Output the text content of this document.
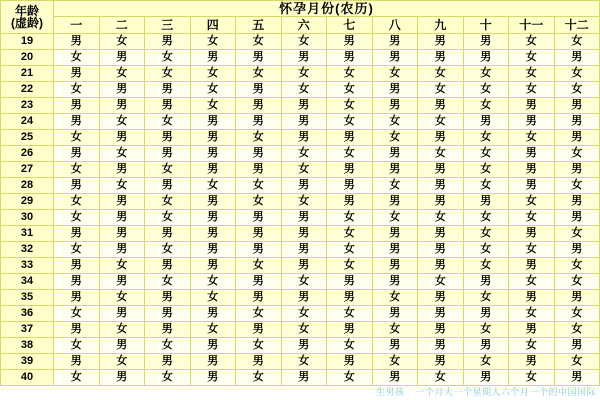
年龄
(虚龄)	怀孕月份(农历)											
	一	二	三	四	五	六	七	八	九	十	十一	十二
19	男	女	男	女	女	女	男	男	男	男	女	女
20	女	男	女	男	男	男	男	男	男	男	女	男
21	男	女	女	女	女	女	女	女	女	女	女	女
22	女	男	男	女	男	女	女	男	女	女	女	女
23	男	男	男	女	男	男	女	男	男	女	男	男
24	男	女	女	男	男	男	女	女	女	男	男	男
25	女	男	男	男	女	男	男	女	男	女	女	男
26	男	女	男	男	男	女	女	男	女	女	男	女
27	女	男	女	男	男	女	男	男	男	女	男	男
28	男	女	男	女	女	男	男	女	男	女	男	女
29	女	男	女	男	女	女	男	男	男	男	女	男
30	女	男	女	男	男	男	女	女	女	女	女	男
31	男	男	男	男	男	男	女	男	男	女	男	女
32	女	男	女	男	男	男	女	男	男	女	女	男
33	男	女	男	男	女	男	女	男	男	女	男	女
34	男	男	女	女	男	女	男	男	女	男	女	女
35	男	女	男	女	男	男	男	女	男	女	男	男
36	女	男	男	男	女	女	女	男	男	男	女	女
37	男	女	男	女	男	女	男	女	男	女	男	女
38	女	男	女	男	女	男	女	男	男	男	女	男
39	男	女	男	男	男	女	男	女	男	女	男	女
40	女	男	女	男	女	男	女	男	女	男	女	男
生男孩 一个月大一个星期人六个月一个的中国国际
